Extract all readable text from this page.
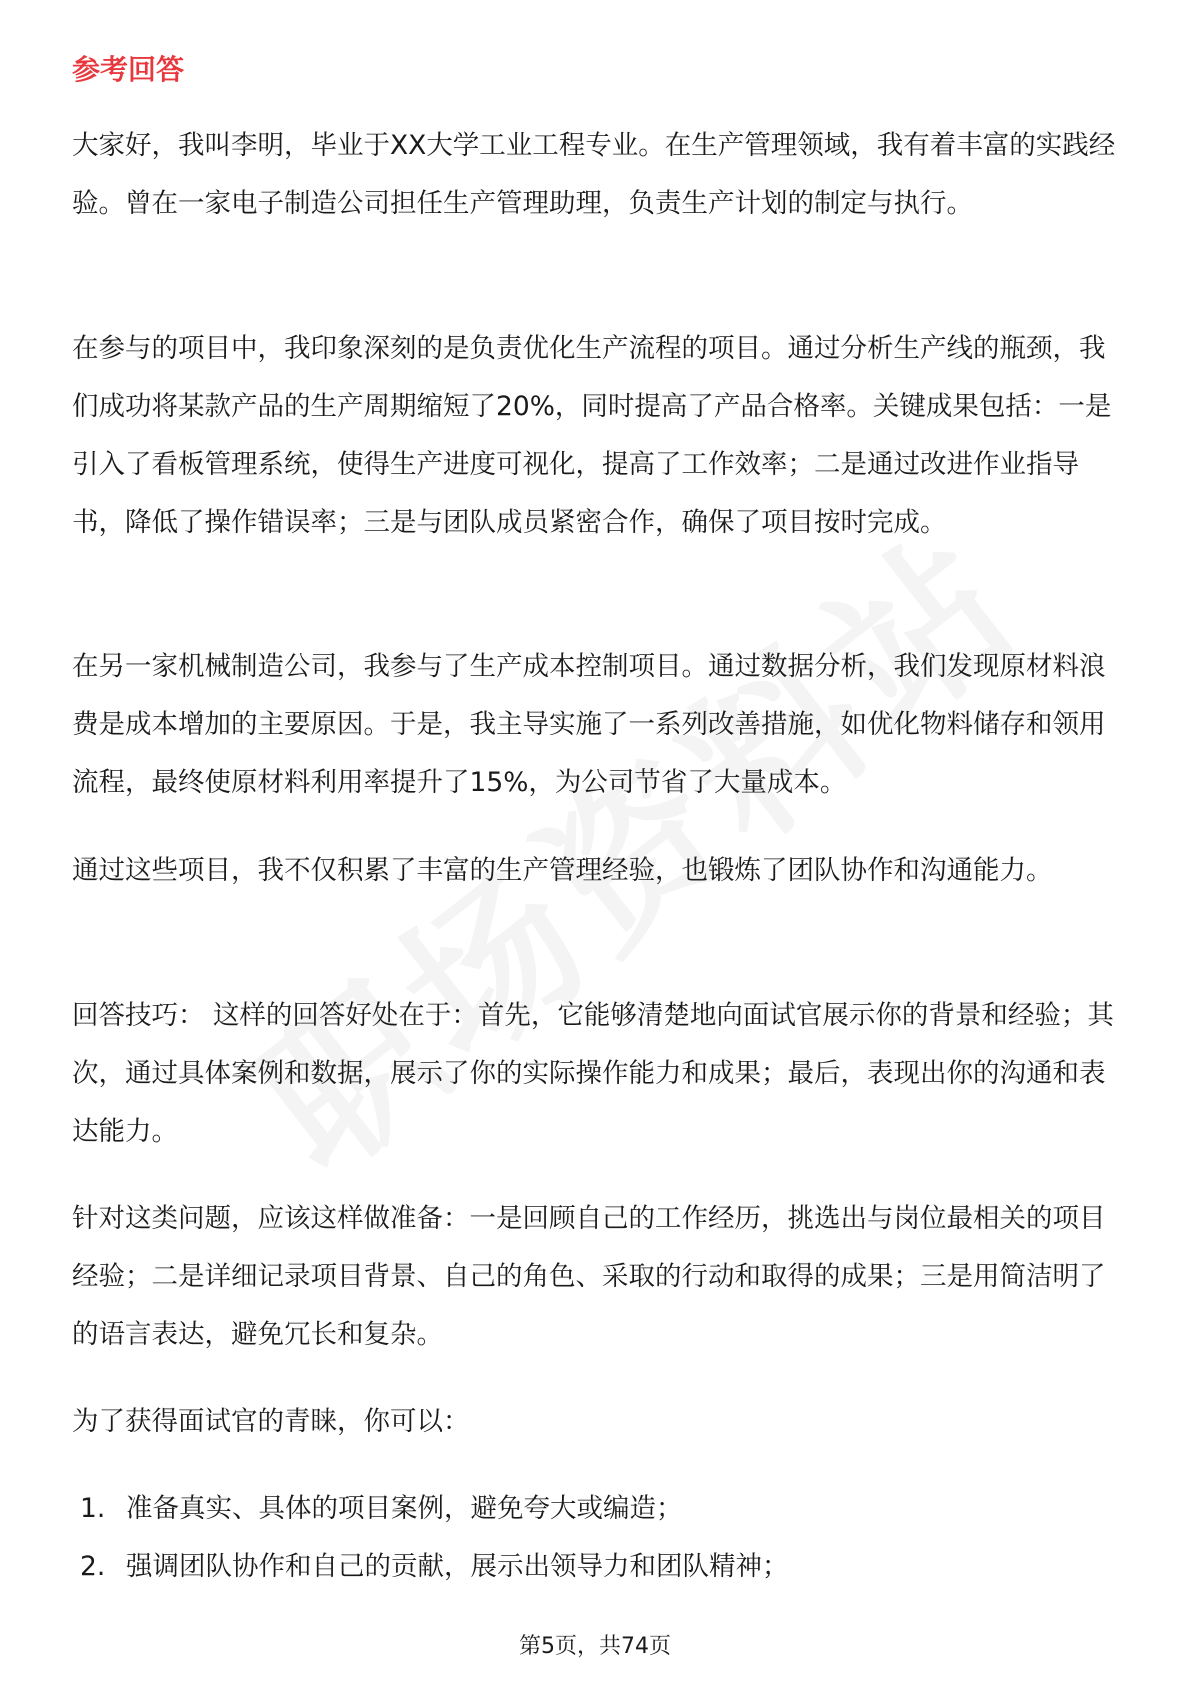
参考回答

大家好，我叫李明，毕业于XX大学工业工程专业。在生产管理领域，我有着丰富的实践经验。曾在一家电子制造公司担任生产管理助理，负责生产计划的制定与执行。

在参与的项目中，我印象深刻的是负责优化生产流程的项目。通过分析生产线的瓶颈，我们成功将某款产品的生产周期缩短了20%，同时提高了产品合格率。关键成果包括：一是引入了看板管理系统，使得生产进度可视化，提高了工作效率；二是通过改进作业指导书，降低了操作错误率；三是与团队成员紧密合作，确保了项目按时完成。

在另一家机械制造公司，我参与了生产成本控制项目。通过数据分析，我们发现原材料浪费是成本增加的主要原因。于是，我主导实施了一系列改善措施，如优化物料储存和领用流程，最终使原材料利用率提升了15%，为公司节省了大量成本。

通过这些项目，我不仅积累了丰富的生产管理经验，也锻炼了团队协作和沟通能力。

回答技巧： 这样的回答好处在于：首先，它能够清楚地向面试官展示你的背景和经验；其次，通过具体案例和数据，展示了你的实际操作能力和成果；最后，表现出你的沟通和表达能力。

针对这类问题，应该这样做准备：一是回顾自己的工作经历，挑选出与岗位最相关的项目经验；二是详细记录项目背景、自己的角色、采取的行动和取得的成果；三是用简洁明了的语言表达，避免冗长和复杂。

为了获得面试官的青睐，你可以：

1. 准备真实、具体的项目案例，避免夸大或编造；
2. 强调团队协作和自己的贡献，展示出领导力和团队精神；
第5页，共74页
